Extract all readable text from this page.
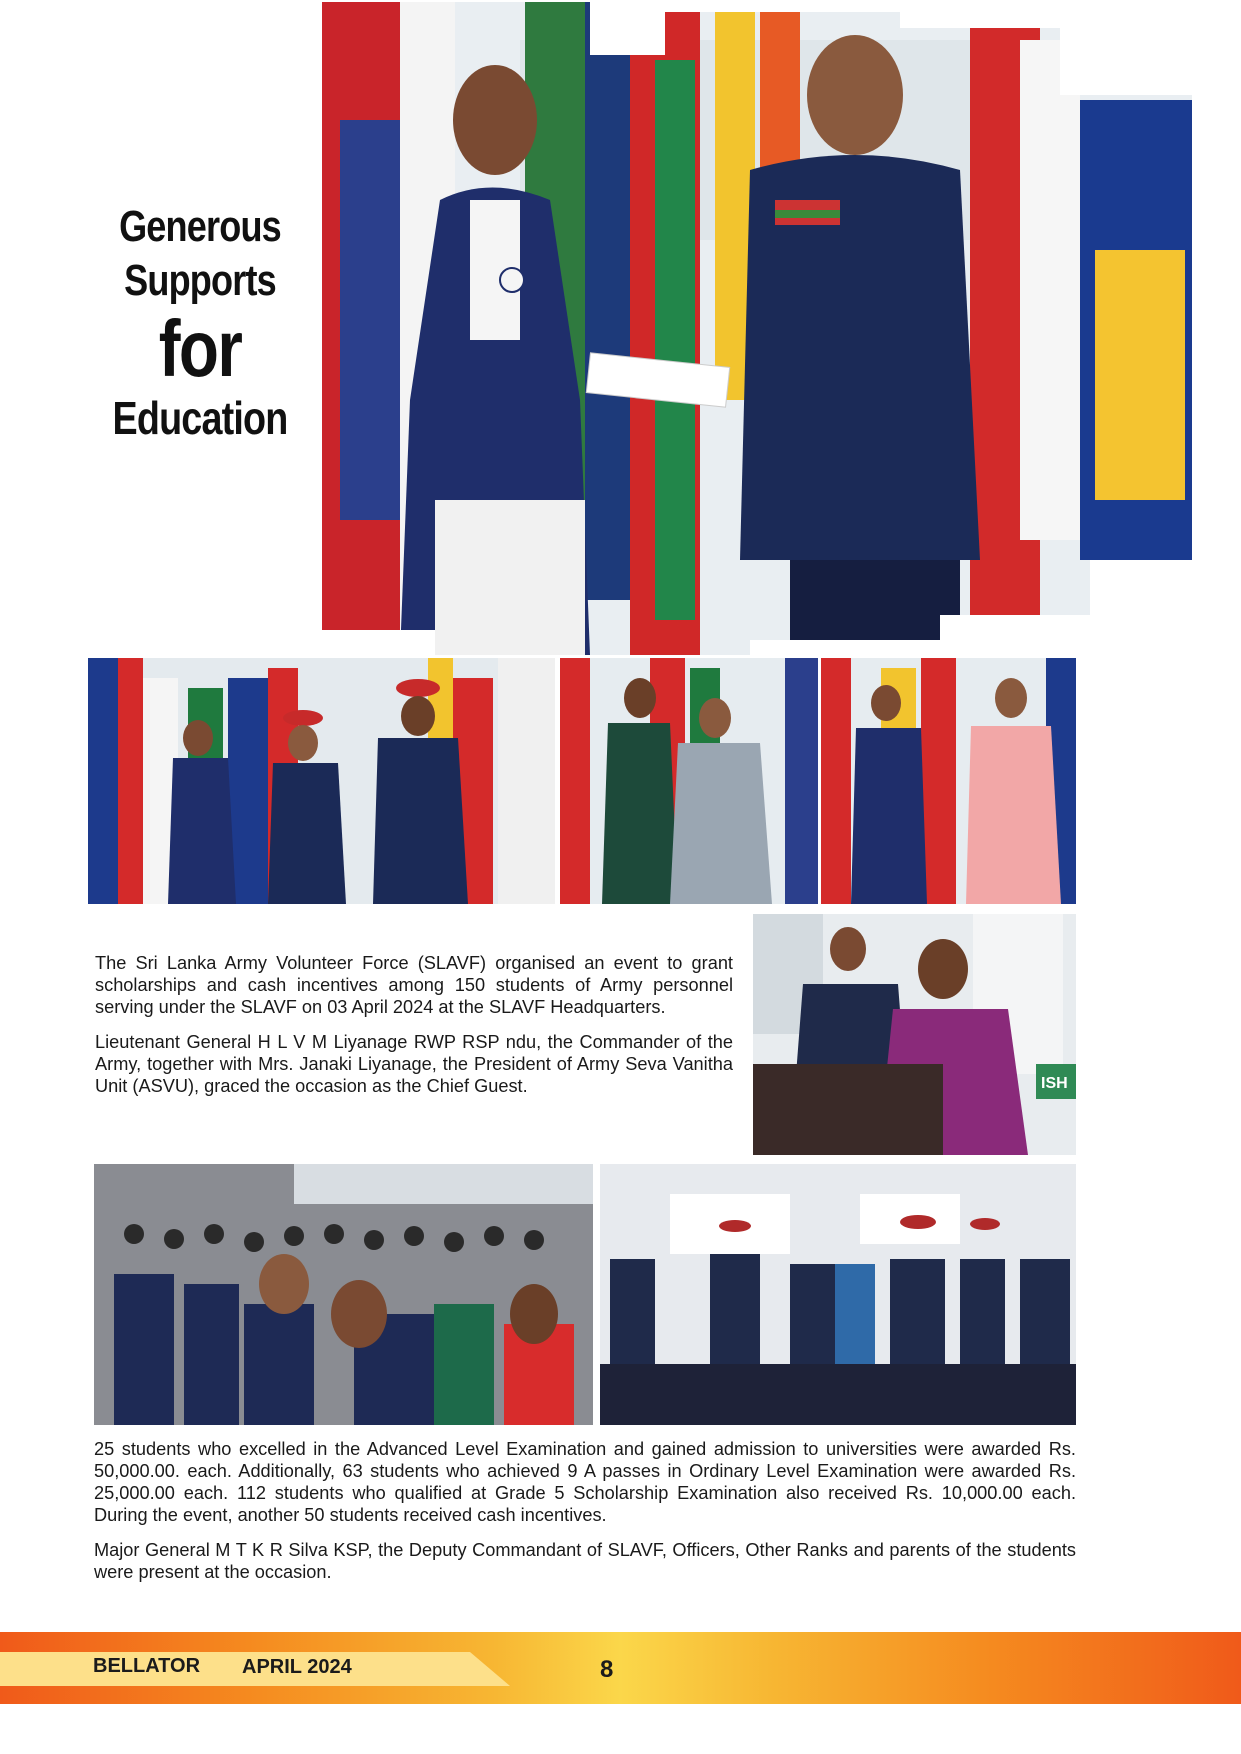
Generous
Supports
for
Education

The Sri Lanka Army Volunteer Force (SLAVF) organised an event to grant scholarships and cash incentives among 150 students of Army personnel serving under the SLAVF on 03 April 2024 at the SLAVF Headquarters.

Lieutenant General H L V M Liyanage RWP RSP ndu, the Commander of the Army, together with Mrs. Janaki Liyanage, the President of Army Seva Vanitha Unit (ASVU), graced the occasion as the Chief Guest.	ISH

25 students who excelled in the Advanced Level Examination and gained admission to universities were awarded Rs. 50,000.00. each. Additionally, 63 students who achieved 9 A passes in Ordinary Level Examination were awarded Rs. 25,000.00 each. 112 students who qualified at Grade 5 Scholarship Examination also received Rs. 10,000.00 each. During the event, another 50 students received cash incentives.

Major General M T K R Silva KSP, the Deputy Commandant of SLAVF, Officers, Other Ranks and parents of the students were present at the occasion.

BELLATOR APRIL 2024	8
